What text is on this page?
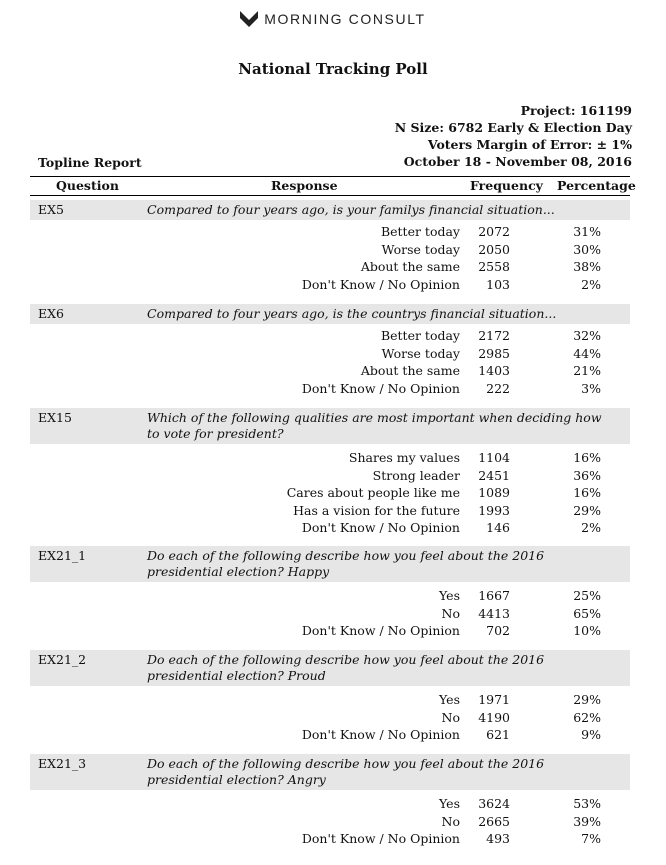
MORNING CONSULT
National Tracking Poll
Project: 161199
N Size: 6782 Early & Election Day
Voters Margin of Error: ± 1%
October 18 - November 08, 2016
Topline Report
Question	Response	Frequency Percentage
EX5	Compared to four years ago, is your familys financial situation...
Better today 2072	31%
Worse today 2050	30%
About the same 2558	38%
Don't Know / No Opinion 103	2%
EX6	Compared to four years ago, is the countrys financial situation...
Better today 2172	32%
Worse today 2985	44%
About the same 1403	21%
Don't Know / No Opinion 222	3%
EX15	Which of the following qualities are most important when deciding how to vote for president?
Shares my values 1104	16%
Strong leader 2451	36%
Cares about people like me 1089	16%
Has a vision for the future 1993	29%
Don't Know / No Opinion 146	2%
EX21_1	Do each of the following describe how you feel about the 2016 presidential election? Happy
Yes 1667	25%
No 4413	65%
Don't Know / No Opinion 702	10%
EX21_2	Do each of the following describe how you feel about the 2016 presidential election? Proud
Yes 1971	29%
No 4190	62%
Don't Know / No Opinion 621	9%
EX21_3	Do each of the following describe how you feel about the 2016 presidential election? Angry
Yes 3624	53%
No 2665	39%
Don't Know / No Opinion 493	7%
